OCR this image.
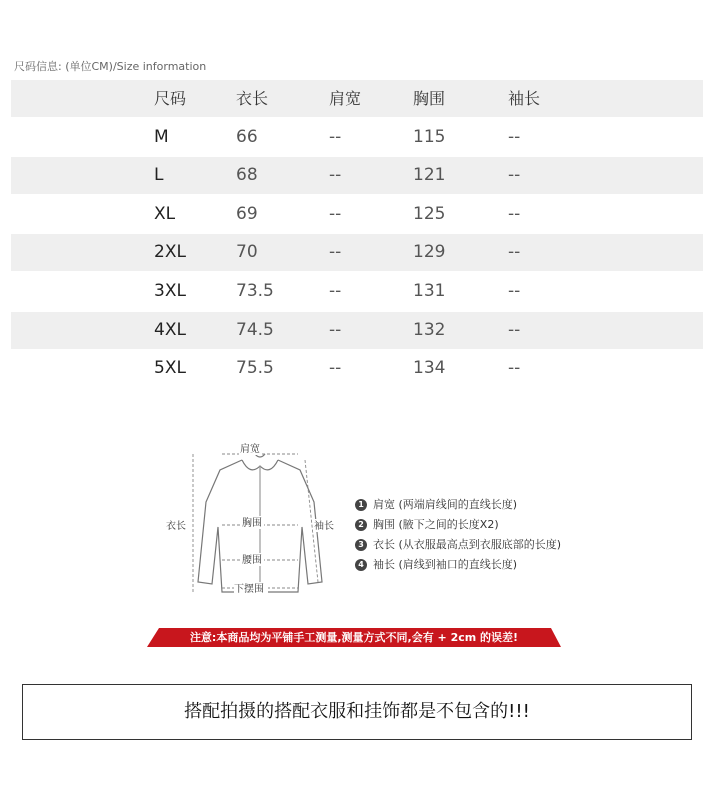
尺码信息: (单位CM)/Size information
尺码	衣长	肩宽	胸围	袖长
M	66	--	115	--
L	68	--	121	--
XL	69	--	125	--
2XL	70	--	129	--
3XL	73.5	--	131	--
4XL	74.5	--	132	--
5XL	75.5	--	134	--
肩宽
胸围
腰围
下摆围
衣长	袖长
1 肩宽 (两端肩线间的直线长度)
2 胸围 (腋下之间的长度X2)
3 衣长 (从衣服最高点到衣服底部的长度)
4 袖长 (肩线到袖口的直线长度)
注意:本商品均为平铺手工测量,测量方式不同,会有 + 2cm 的误差!
搭配拍摄的搭配衣服和挂饰都是不包含的!!!
